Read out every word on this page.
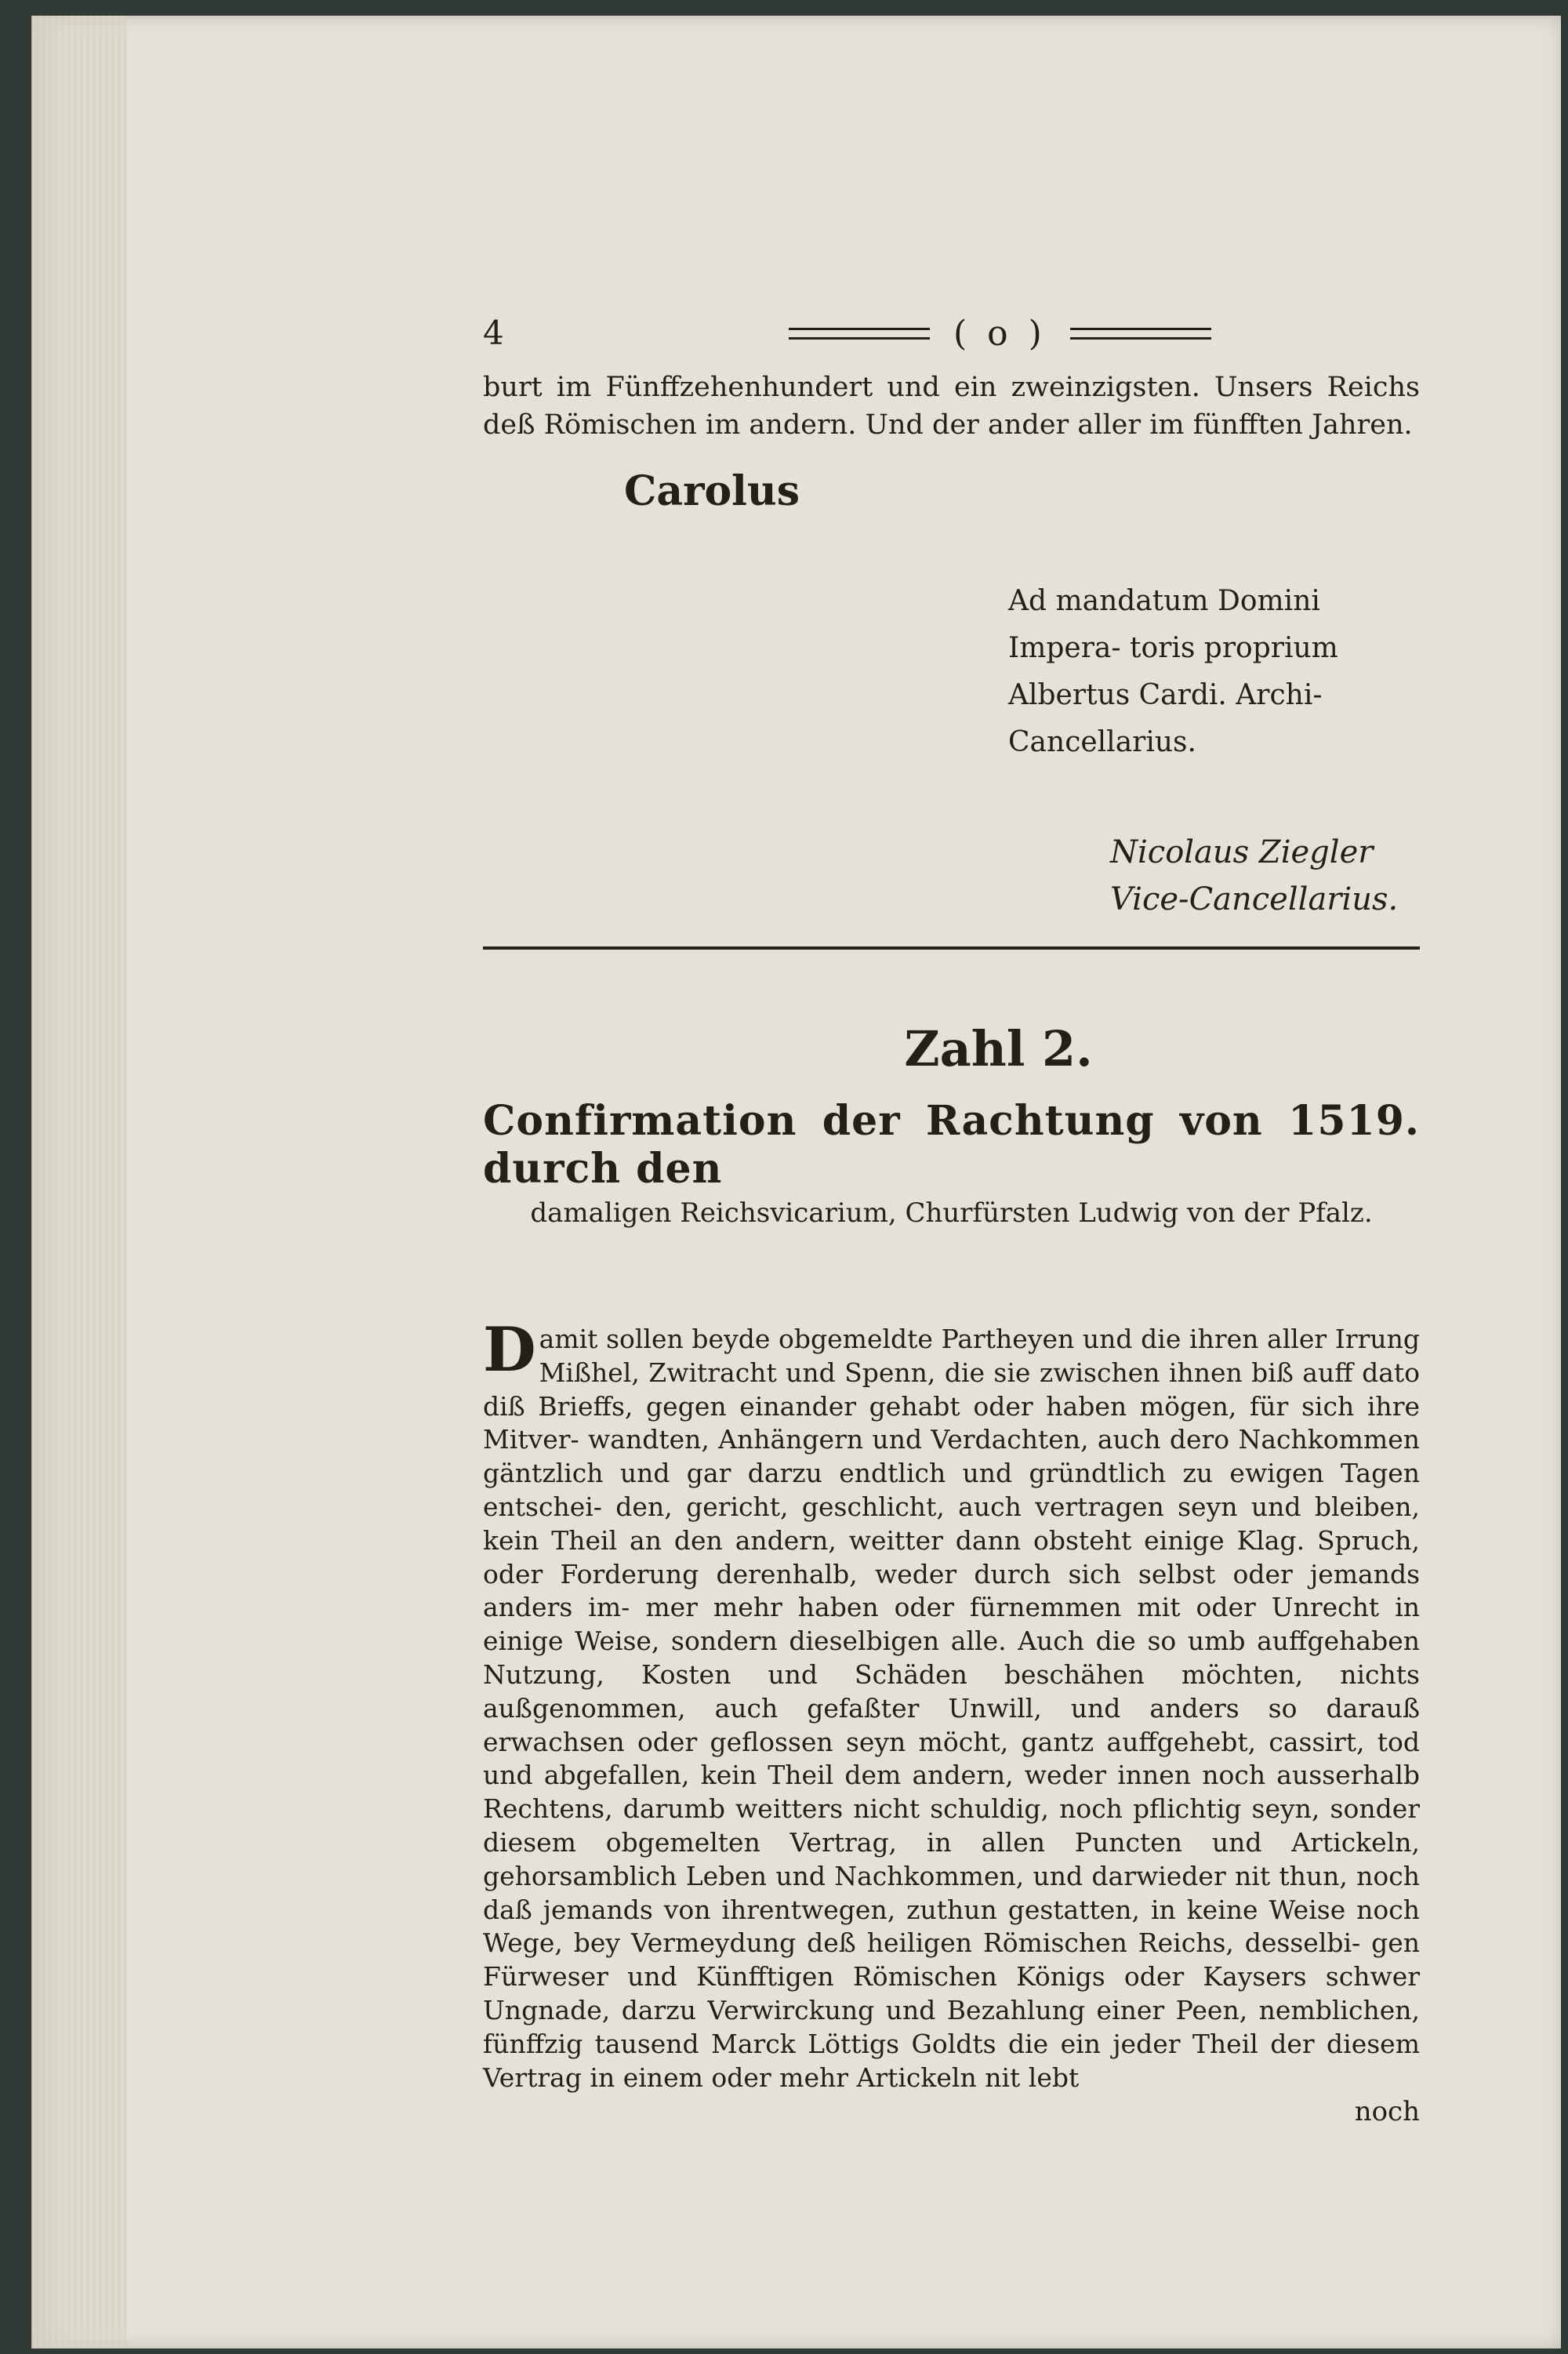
4	( o )
burt im Fünffzehenhundert und ein zweinzigsten. Unsers Reichs deß Römischen im andern. Und der ander aller im fünfften Jahren.
Carolus
Ad mandatum Domini Impera- toris proprium Albertus Cardi. Archi-Cancellarius.
Nicolaus Ziegler Vice-Cancellarius.
Zahl 2.
Confirmation der Rachtung von 1519. durch den
damaligen Reichsvicarium, Churfürsten Ludwig von der Pfalz.
Damit sollen beyde obgemeldte Partheyen und die ihren aller Irrung Mißhel, Zwitracht und Spenn, die sie zwischen ihnen biß auff dato diß Brieffs, gegen einander gehabt oder haben mögen, für sich ihre Mitver- wandten, Anhängern und Verdachten, auch dero Nachkommen gäntzlich und gar darzu endtlich und gründtlich zu ewigen Tagen entschei- den, gericht, geschlicht, auch vertragen seyn und bleiben, kein Theil an den andern, weitter dann obsteht einige Klag. Spruch, oder Forderung derenhalb, weder durch sich selbst oder jemands anders im- mer mehr haben oder fürnemmen mit oder Unrecht in einige Weise, sondern dieselbigen alle. Auch die so umb auffgehaben Nutzung, Kosten und Schäden beschähen möchten, nichts außgenommen, auch gefaßter Unwill, und anders so darauß erwachsen oder geflossen seyn möcht, gantz auffgehebt, cassirt, tod und abgefallen, kein Theil dem andern, weder innen noch ausserhalb Rechtens, darumb weitters nicht schuldig, noch pflichtig seyn, sonder diesem obgemelten Vertrag, in allen Puncten und Artickeln, gehorsamblich Leben und Nachkommen, und darwieder nit thun, noch daß jemands von ihrentwegen, zuthun gestatten, in keine Weise noch Wege, bey Vermeydung deß heiligen Römischen Reichs, desselbi- gen Fürweser und Künfftigen Römischen Königs oder Kaysers schwer Ungnade, darzu Verwirckung und Bezahlung einer Peen, nemblichen, fünffzig tausend Marck Löttigs Goldts die ein jeder Theil der diesem Vertrag in einem oder mehr Artickeln nit lebt
noch
